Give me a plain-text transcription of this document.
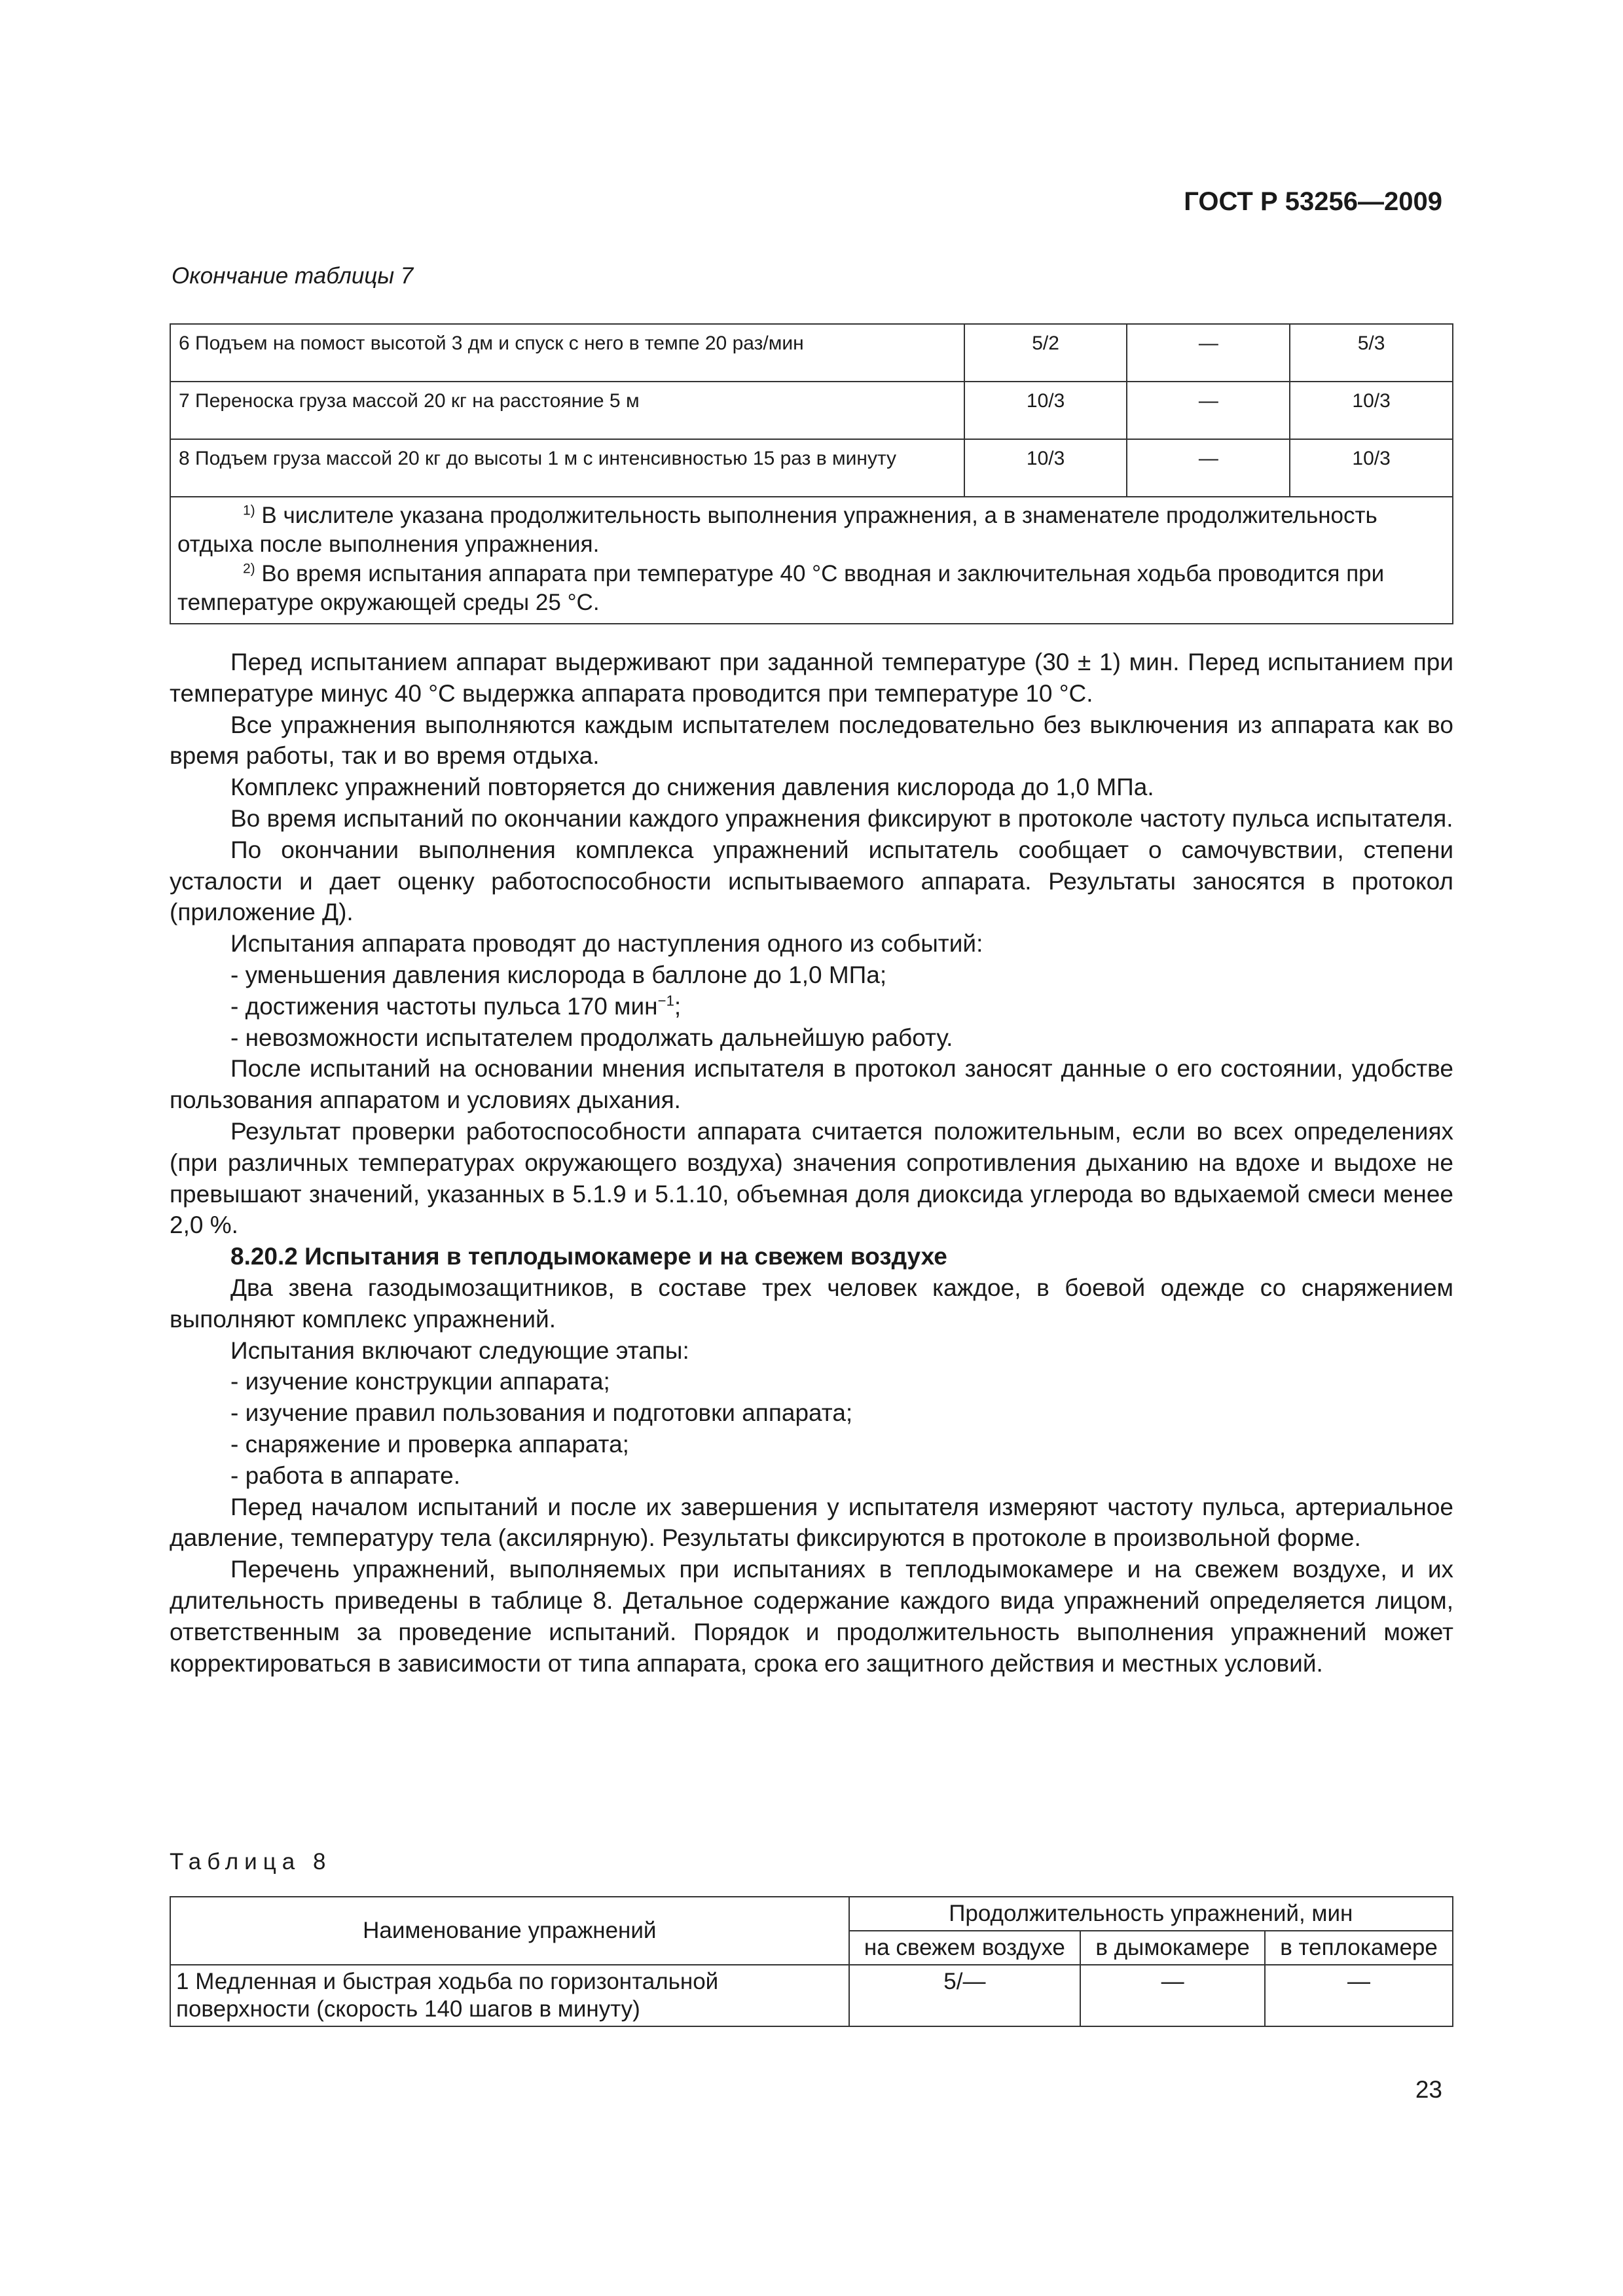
ГОСТ Р 53256—2009
Окончание таблицы 7
6 Подъем на помост высотой 3 дм и спуск с него в темпе 20 раз/мин	5/2	—	5/3
7 Переноска груза массой 20 кг на расстояние 5 м	10/3	—	10/3
8 Подъем груза массой 20 кг до высоты 1 м с интенсивностью 15 раз в минуту	10/3	—	10/3

$^{1)}$ В числителе указана продолжительность выполнения упражнения, а в знаменателе продолжительность отдыха после выполнения упражнения.
$^{2)}$ Во время испытания аппарата при температуре 40 °С вводная и заключительная ходьба проводится при температуре окружающей среды 25 °С.			

Перед испытанием аппарат выдерживают при заданной температуре (30 ± 1) мин. Перед испытанием при температуре минус 40 °С выдержка аппарата проводится при температуре 10 °С.

Все упражнения выполняются каждым испытателем последовательно без выключения из аппарата как во время работы, так и во время отдыха.

Комплекс упражнений повторяется до снижения давления кислорода до 1,0 МПа.

Во время испытаний по окончании каждого упражнения фиксируют в протоколе частоту пульса испытателя.

По окончании выполнения комплекса упражнений испытатель сообщает о самочувствии, степени усталости и дает оценку работоспособности испытываемого аппарата. Результаты заносятся в протокол (приложение Д).

Испытания аппарата проводят до наступления одного из событий:

- уменьшения давления кислорода в баллоне до 1,0 МПа;

- достижения частоты пульса 170 мин$^{-1}$;

- невозможности испытателем продолжать дальнейшую работу.

После испытаний на основании мнения испытателя в протокол заносят данные о его состоянии, удобстве пользования аппаратом и условиях дыхания.

Результат проверки работоспособности аппарата считается положительным, если во всех определениях (при различных температурах окружающего воздуха) значения сопротивления дыханию на вдохе и выдохе не превышают значений, указанных в 5.1.9 и 5.1.10, объемная доля диоксида углерода во вдыхаемой смеси менее 2,0 %.

8.20.2 Испытания в теплодымокамере и на свежем воздухе

Два звена газодымозащитников, в составе трех человек каждое, в боевой одежде со снаряжением выполняют комплекс упражнений.

Испытания включают следующие этапы:

- изучение конструкции аппарата;

- изучение правил пользования и подготовки аппарата;

- снаряжение и проверка аппарата;

- работа в аппарате.

Перед началом испытаний и после их завершения у испытателя измеряют частоту пульса, артериальное давление, температуру тела (аксилярную). Результаты фиксируются в протоколе в произвольной форме.

Перечень упражнений, выполняемых при испытаниях в теплодымокамере и на свежем воздухе, и их длительность приведены в таблице 8. Детальное содержание каждого вида упражнений определяется лицом, ответственным за проведение испытаний. Порядок и продолжительность выполнения упражнений может корректироваться в зависимости от типа аппарата, срока его защитного действия и местных условий.

Таблица 8
Наименование упражнений	Продолжительность упражнений, мин		
	на свежем воздухе	в дымокамере	в теплокамере
1 Медленная и быстрая ходьба по горизонтальной поверхности (скорость 140 шагов в минуту)	5/—	—	—
23
